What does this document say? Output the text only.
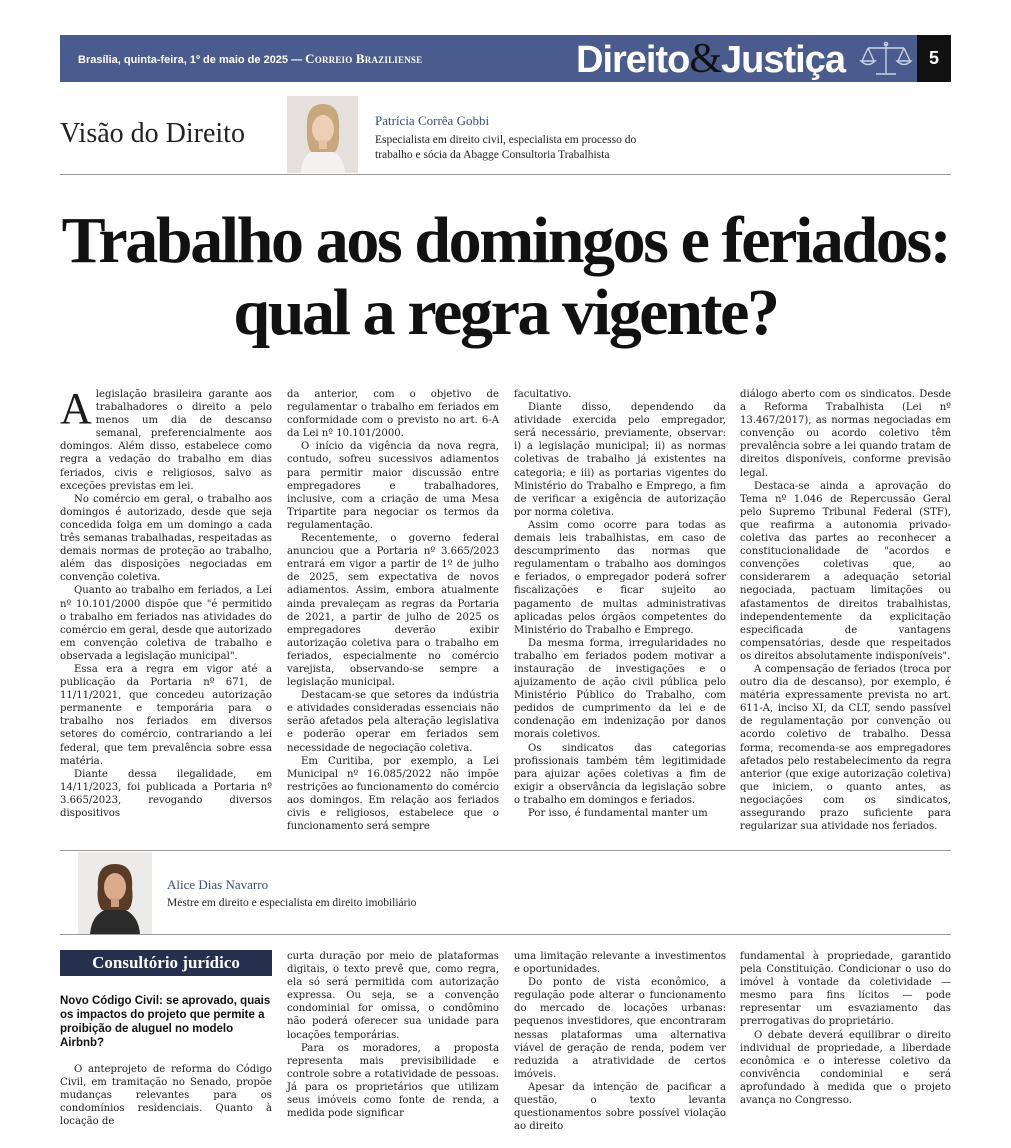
Brasília, quinta-feira, 1º de maio de 2025 — Correio Braziliense	Direito&Justiça	5
Visão do Direito	Patrícia Corrêa Gobbi
Especialista em direito civil, especialista em processo do trabalho e sócia da Abagge Consultoria Trabalhista
Trabalho aos domingos e feriados: qual a regra vigente?
A legislação brasileira garante aos trabalhadores o direito a pelo menos um dia de descanso semanal, preferencialmente aos domingos. Além disso, estabelece como regra a vedação do trabalho em dias feriados, civis e religiosos, salvo as exceções previstas em lei.

No comércio em geral, o trabalho aos domingos é autorizado, desde que seja concedida folga em um domingo a cada três semanas trabalhadas, respeitadas as demais normas de proteção ao trabalho, além das disposições negociadas em convenção coletiva.

Quanto ao trabalho em feriados, a Lei nº 10.101/2000 dispõe que "é permitido o trabalho em feriados nas atividades do comércio em geral, desde que autorizado em convenção coletiva de trabalho e observada a legislação municipal".

Essa era a regra em vigor até a publicação da Portaria nº 671, de 11/11/2021, que concedeu autorização permanente e temporária para o trabalho nos feriados em diversos setores do comércio, contrariando a lei federal, que tem prevalência sobre essa matéria.

Diante dessa ilegalidade, em 14/11/2023, foi publicada a Portaria nº 3.665/2023, revogando diversos dispositivos

da anterior, com o objetivo de regulamentar o trabalho em feriados em conformidade com o previsto no art. 6-A da Lei nº 10.101/2000.

O início da vigência da nova regra, contudo, sofreu sucessivos adiamentos para permitir maior discussão entre empregadores e trabalhadores, inclusive, com a criação de uma Mesa Tripartite para negociar os termos da regulamentação.

Recentemente, o governo federal anunciou que a Portaria nº 3.665/2023 entrará em vigor a partir de 1º de julho de 2025, sem expectativa de novos adiamentos. Assim, embora atualmente ainda prevaleçam as regras da Portaria de 2021, a partir de julho de 2025 os empregadores deverão exibir autorização coletiva para o trabalho em feriados, especialmente no comércio varejista, observando-se sempre a legislação municipal.

Destacam-se que setores da indústria e atividades consideradas essenciais não serão afetados pela alteração legislativa e poderão operar em feriados sem necessidade de negociação coletiva.

Em Curitiba, por exemplo, a Lei Municipal nº 16.085/2022 não impõe restrições ao funcionamento do comércio aos domingos. Em relação aos feriados civis e religiosos, estabelece que o funcionamento será sempre

facultativo.

Diante disso, dependendo da atividade exercida pelo empregador, será necessário, previamente, observar: i) a legislação municipal; ii) as normas coletivas de trabalho já existentes na categoria; e iii) as portarias vigentes do Ministério do Trabalho e Emprego, a fim de verificar a exigência de autorização por norma coletiva.

Assim como ocorre para todas as demais leis trabalhistas, em caso de descumprimento das normas que regulamentam o trabalho aos domingos e feriados, o empregador poderá sofrer fiscalizações e ficar sujeito ao pagamento de multas administrativas aplicadas pelos órgãos competentes do Ministério do Trabalho e Emprego.

Da mesma forma, irregularidades no trabalho em feriados podem motivar a instauração de investigações e o ajuizamento de ação civil pública pelo Ministério Público do Trabalho, com pedidos de cumprimento da lei e de condenação em indenização por danos morais coletivos.

Os sindicatos das categorias profissionais também têm legitimidade para ajuizar ações coletivas a fim de exigir a observância da legislação sobre o trabalho em domingos e feriados.

Por isso, é fundamental manter um

diálogo aberto com os sindicatos. Desde a Reforma Trabalhista (Lei nº 13.467/2017), as normas negociadas em convenção ou acordo coletivo têm prevalência sobre a lei quando tratam de direitos disponíveis, conforme previsão legal.

Destaca-se ainda a aprovação do Tema nº 1.046 de Repercussão Geral pelo Supremo Tribunal Federal (STF), que reafirma a autonomia privado-coletiva das partes ao reconhecer a constitucionalidade de "acordos e convenções coletivas que, ao considerarem a adequação setorial negociada, pactuam limitações ou afastamentos de direitos trabalhistas, independentemente da explicitação especificada de vantagens compensatórias, desde que respeitados os direitos absolutamente indisponíveis".

A compensação de feriados (troca por outro dia de descanso), por exemplo, é matéria expressamente prevista no art. 611-A, inciso XI, da CLT, sendo passível de regulamentação por convenção ou acordo coletivo de trabalho. Dessa forma, recomenda-se aos empregadores afetados pelo restabelecimento da regra anterior (que exige autorização coletiva) que iniciem, o quanto antes, as negociações com os sindicatos, assegurando prazo suficiente para regularizar sua atividade nos feriados.

Alice Dias Navarro
Mestre em direito e especialista em direito imobiliário
Consultório jurídico
Novo Código Civil: se aprovado, quais os impactos do projeto que permite a proibição de aluguel no modelo Airbnb?

O anteprojeto de reforma do Código Civil, em tramitação no Senado, propõe mudanças relevantes para os condomínios residenciais. Quanto à locação de

curta duração por meio de plataformas digitais, o texto prevê que, como regra, ela só será permitida com autorização expressa. Ou seja, se a convenção condominial for omissa, o condômino não poderá oferecer sua unidade para locações temporárias.

Para os moradores, a proposta representa mais previsibilidade e controle sobre a rotatividade de pessoas. Já para os proprietários que utilizam seus imóveis como fonte de renda, a medida pode significar

uma limitação relevante a investimentos e oportunidades.

Do ponto de vista econômico, a regulação pode alterar o funcionamento do mercado de locações urbanas: pequenos investidores, que encontraram nessas plataformas uma alternativa viável de geração de renda, podem ver reduzida a atratividade de certos imóveis.

Apesar da intenção de pacificar a questão, o texto levanta questionamentos sobre possível violação ao direito

fundamental à propriedade, garantido pela Constituição. Condicionar o uso do imóvel à vontade da coletividade — mesmo para fins lícitos — pode representar um esvaziamento das prerrogativas do proprietário.

O debate deverá equilibrar o direito individual de propriedade, a liberdade econômica e o interesse coletivo da convivência condominial e será aprofundado à medida que o projeto avança no Congresso.
